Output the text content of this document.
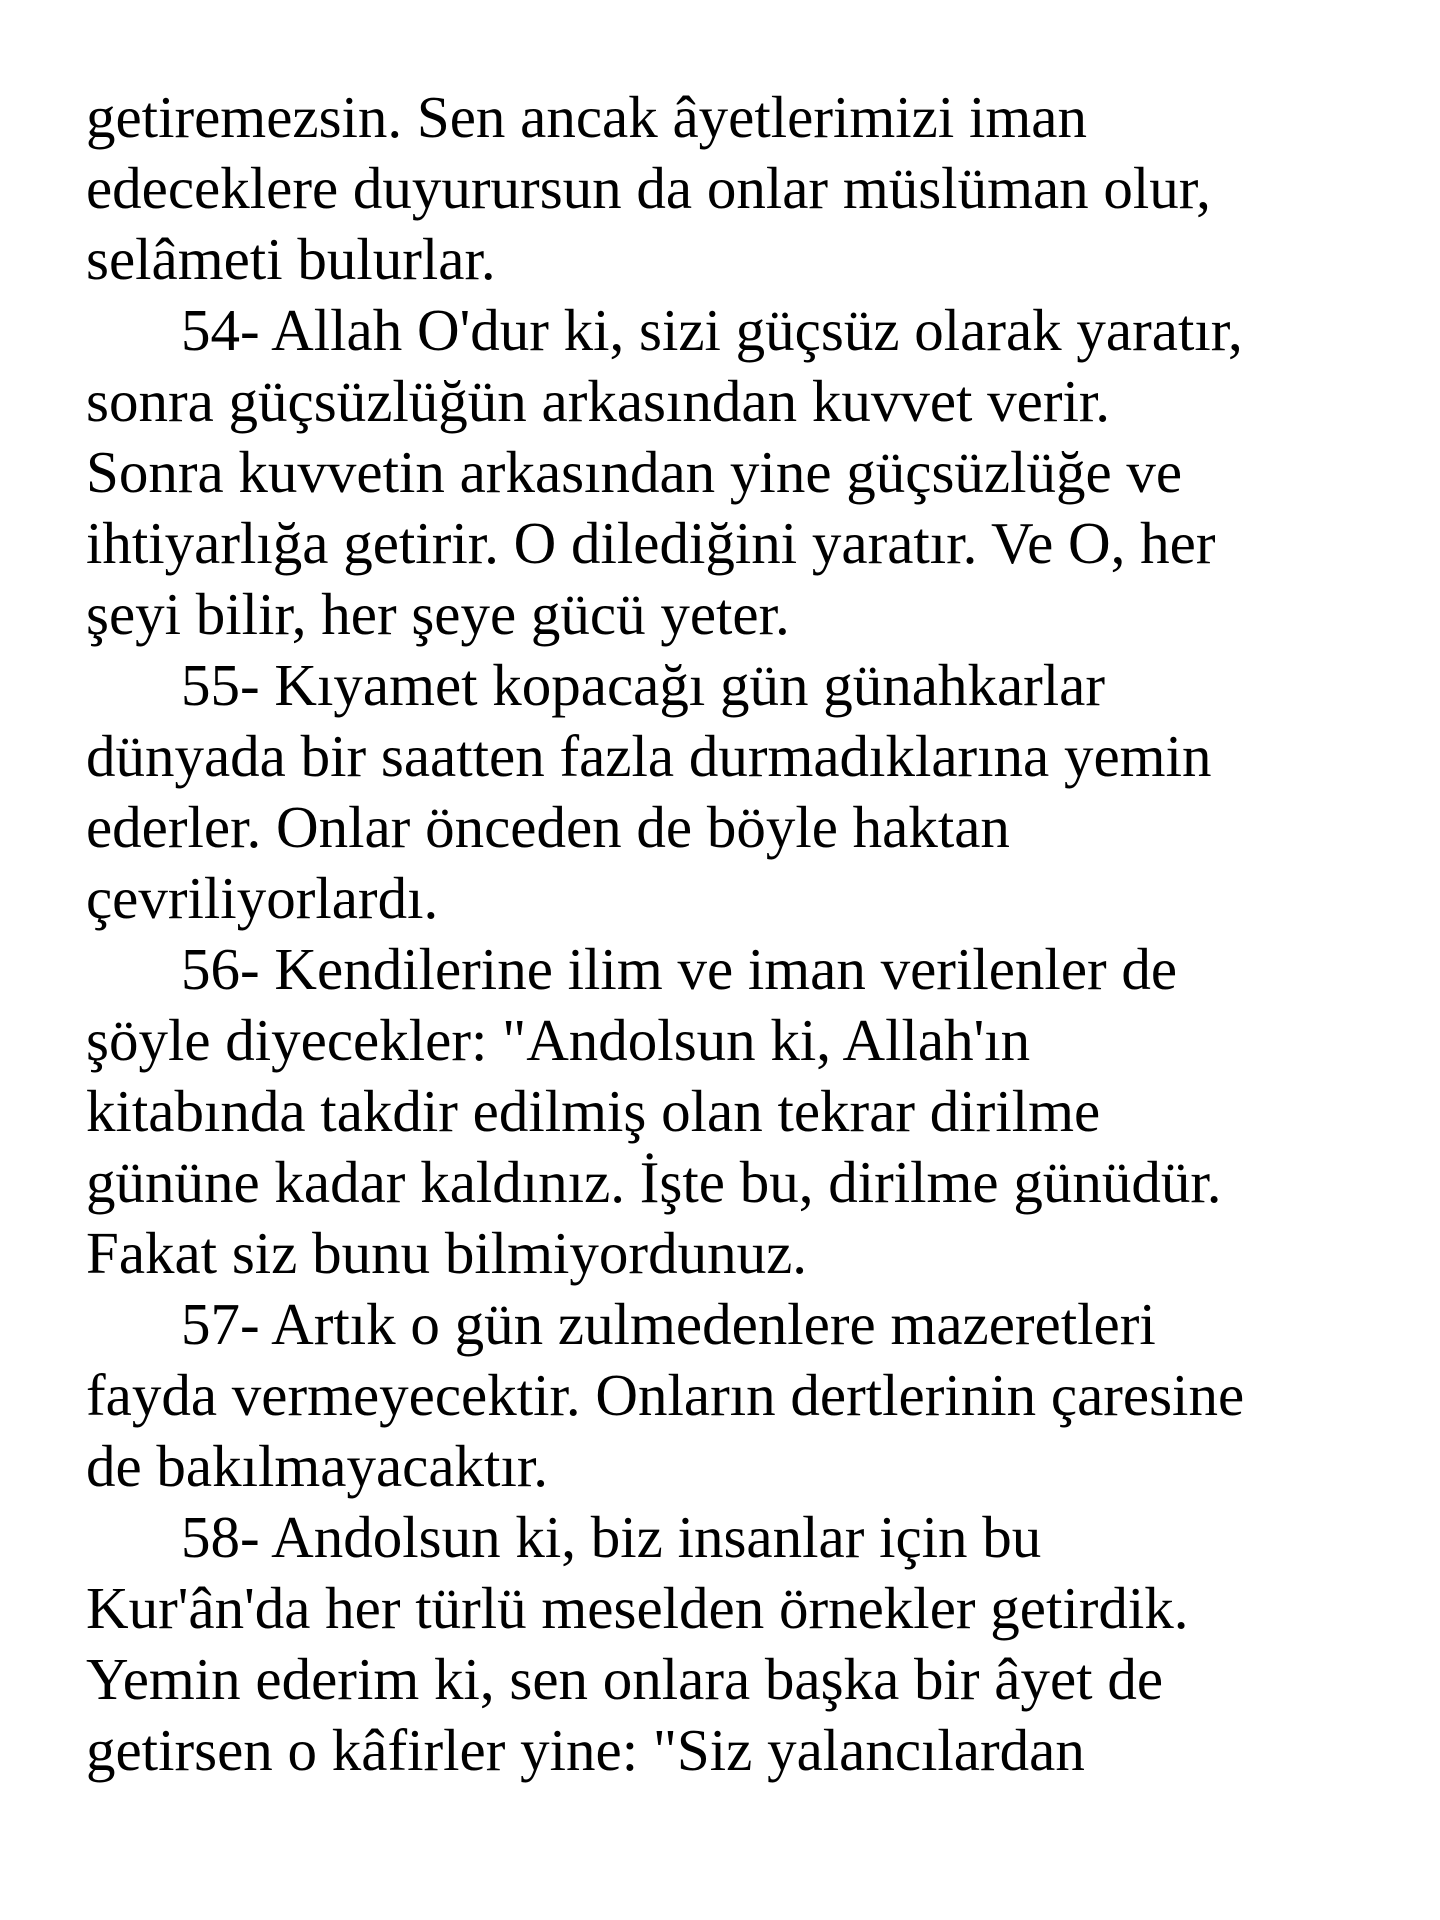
getiremezsin. Sen ancak âyetlerimizi iman
edeceklere duyurursun da onlar müslüman olur,
selâmeti bulurlar.
54- Allah O'dur ki, sizi güçsüz olarak yaratır,
sonra güçsüzlüğün arkasından kuvvet verir.
Sonra kuvvetin arkasından yine güçsüzlüğe ve
ihtiyarlığa getirir. O dilediğini yaratır. Ve O, her
şeyi bilir, her şeye gücü yeter.
55- Kıyamet kopacağı gün günahkarlar
dünyada bir saatten fazla durmadıklarına yemin
ederler. Onlar önceden de böyle haktan
çevriliyorlardı.
56- Kendilerine ilim ve iman verilenler de
şöyle diyecekler: "Andolsun ki, Allah'ın
kitabında takdir edilmiş olan tekrar dirilme
gününe kadar kaldınız. İşte bu, dirilme günüdür.
Fakat siz bunu bilmiyordunuz.
57- Artık o gün zulmedenlere mazeretleri
fayda vermeyecektir. Onların dertlerinin çaresine
de bakılmayacaktır.
58- Andolsun ki, biz insanlar için bu
Kur'ân'da her türlü meselden örnekler getirdik.
Yemin ederim ki, sen onlara başka bir âyet de
getirsen o kâfirler yine: "Siz yalancılardan
